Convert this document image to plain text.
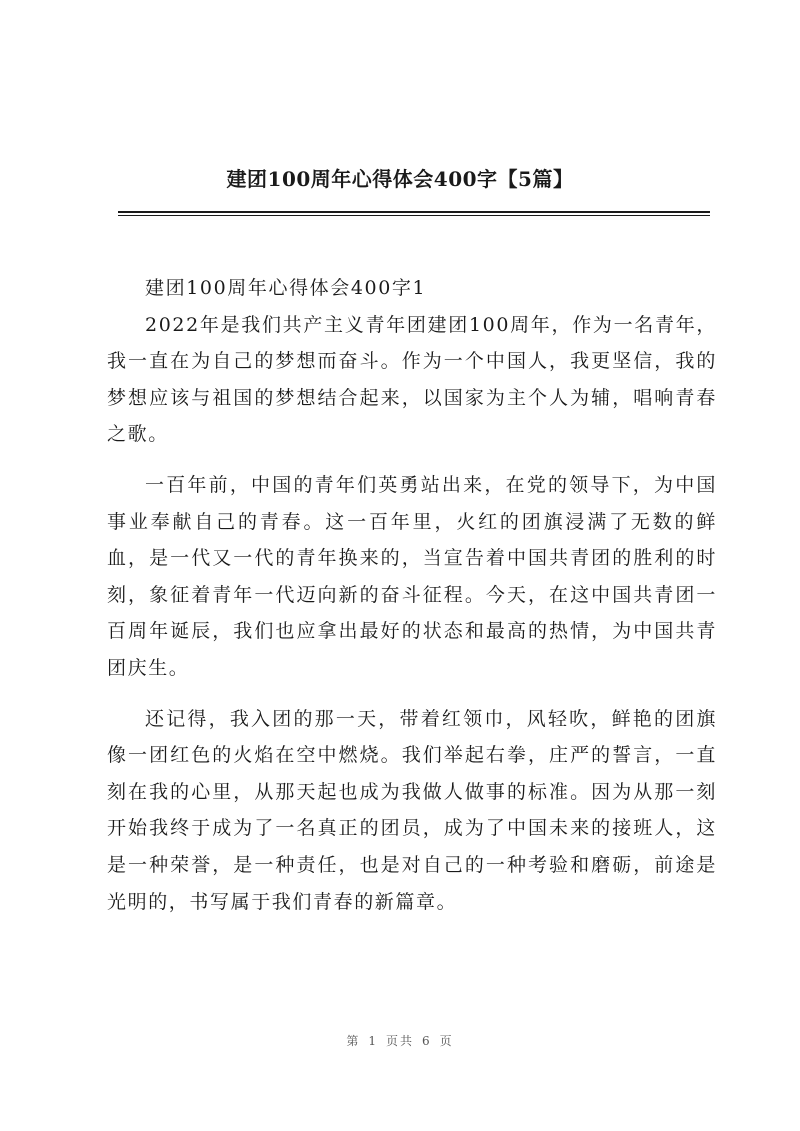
建团100周年心得体会400字【5篇】

建团100周年心得体会400字1

2022年是我们共产主义青年团建团100周年，作为一名青年，我一直在为自己的梦想而奋斗。作为一个中国人，我更坚信，我的梦想应该与祖国的梦想结合起来，以国家为主个人为辅，唱响青春之歌。

一百年前，中国的青年们英勇站出来，在党的领导下，为中国事业奉献自己的青春。这一百年里，火红的团旗浸满了无数的鲜血，是一代又一代的青年换来的，当宣告着中国共青团的胜利的时刻，象征着青年一代迈向新的奋斗征程。今天，在这中国共青团一百周年诞辰，我们也应拿出最好的状态和最高的热情，为中国共青团庆生。

还记得，我入团的那一天，带着红领巾，风轻吹，鲜艳的团旗像一团红色的火焰在空中燃烧。我们举起右拳，庄严的誓言，一直刻在我的心里，从那天起也成为我做人做事的标准。因为从那一刻开始我终于成为了一名真正的团员，成为了中国未来的接班人，这是一种荣誉，是一种责任，也是对自己的一种考验和磨砺，前途是光明的，书写属于我们青春的新篇章。

第 1 页共 6 页
